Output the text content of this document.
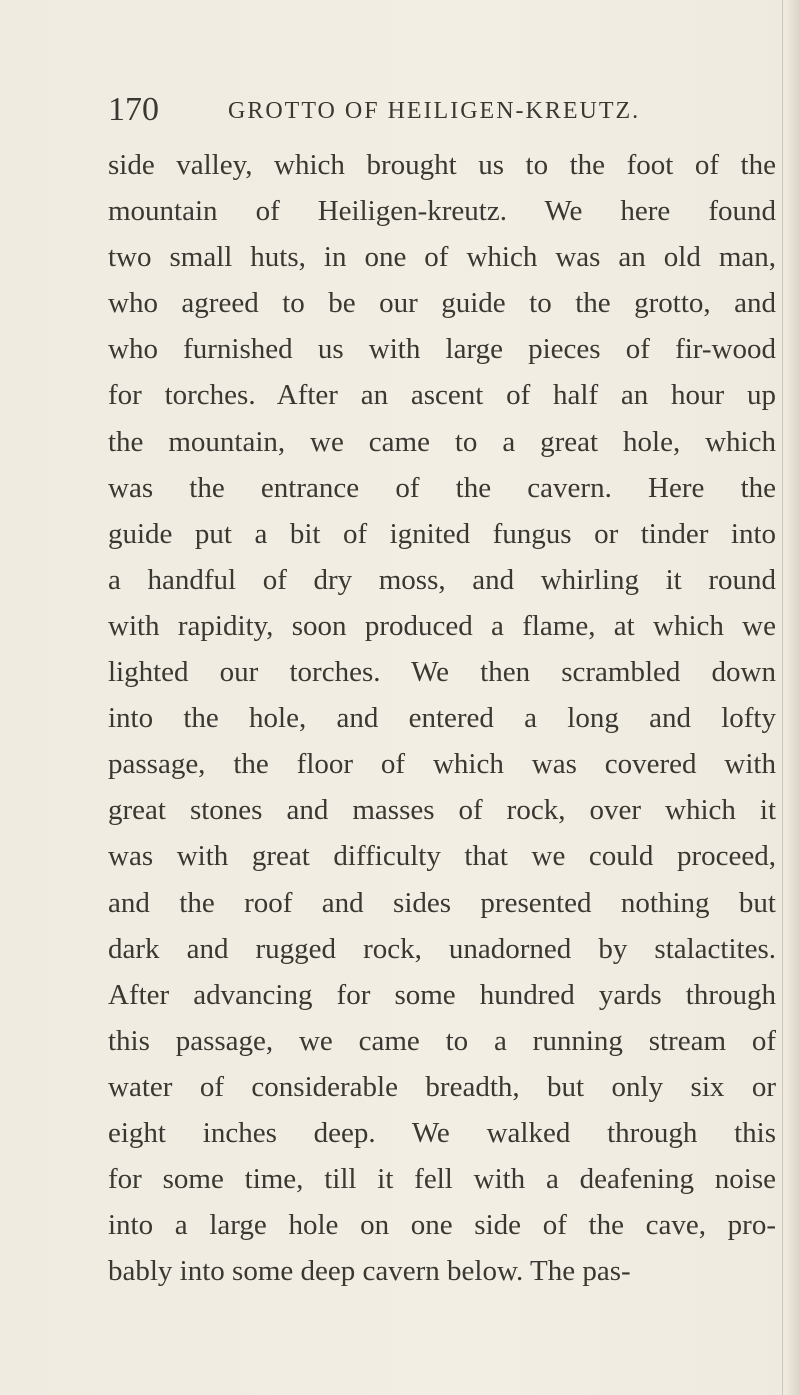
170	GROTTO OF HEILIGEN-KREUTZ.
side valley, which brought us to the foot of the
mountain of Heiligen-kreutz. We here found
two small huts, in one of which was an old man,
who agreed to be our guide to the grotto, and
who furnished us with large pieces of fir-wood
for torches. After an ascent of half an hour up
the mountain, we came to a great hole, which
was the entrance of the cavern. Here the
guide put a bit of ignited fungus or tinder into
a handful of dry moss, and whirling it round
with rapidity, soon produced a flame, at which we
lighted our torches. We then scrambled down
into the hole, and entered a long and lofty
passage, the floor of which was covered with
great stones and masses of rock, over which it
was with great difficulty that we could proceed,
and the roof and sides presented nothing but
dark and rugged rock, unadorned by stalactites.
After advancing for some hundred yards through
this passage, we came to a running stream of
water of considerable breadth, but only six or
eight inches deep. We walked through this
for some time, till it fell with a deafening noise
into a large hole on one side of the cave, pro-
bably into some deep cavern below. The pas-
